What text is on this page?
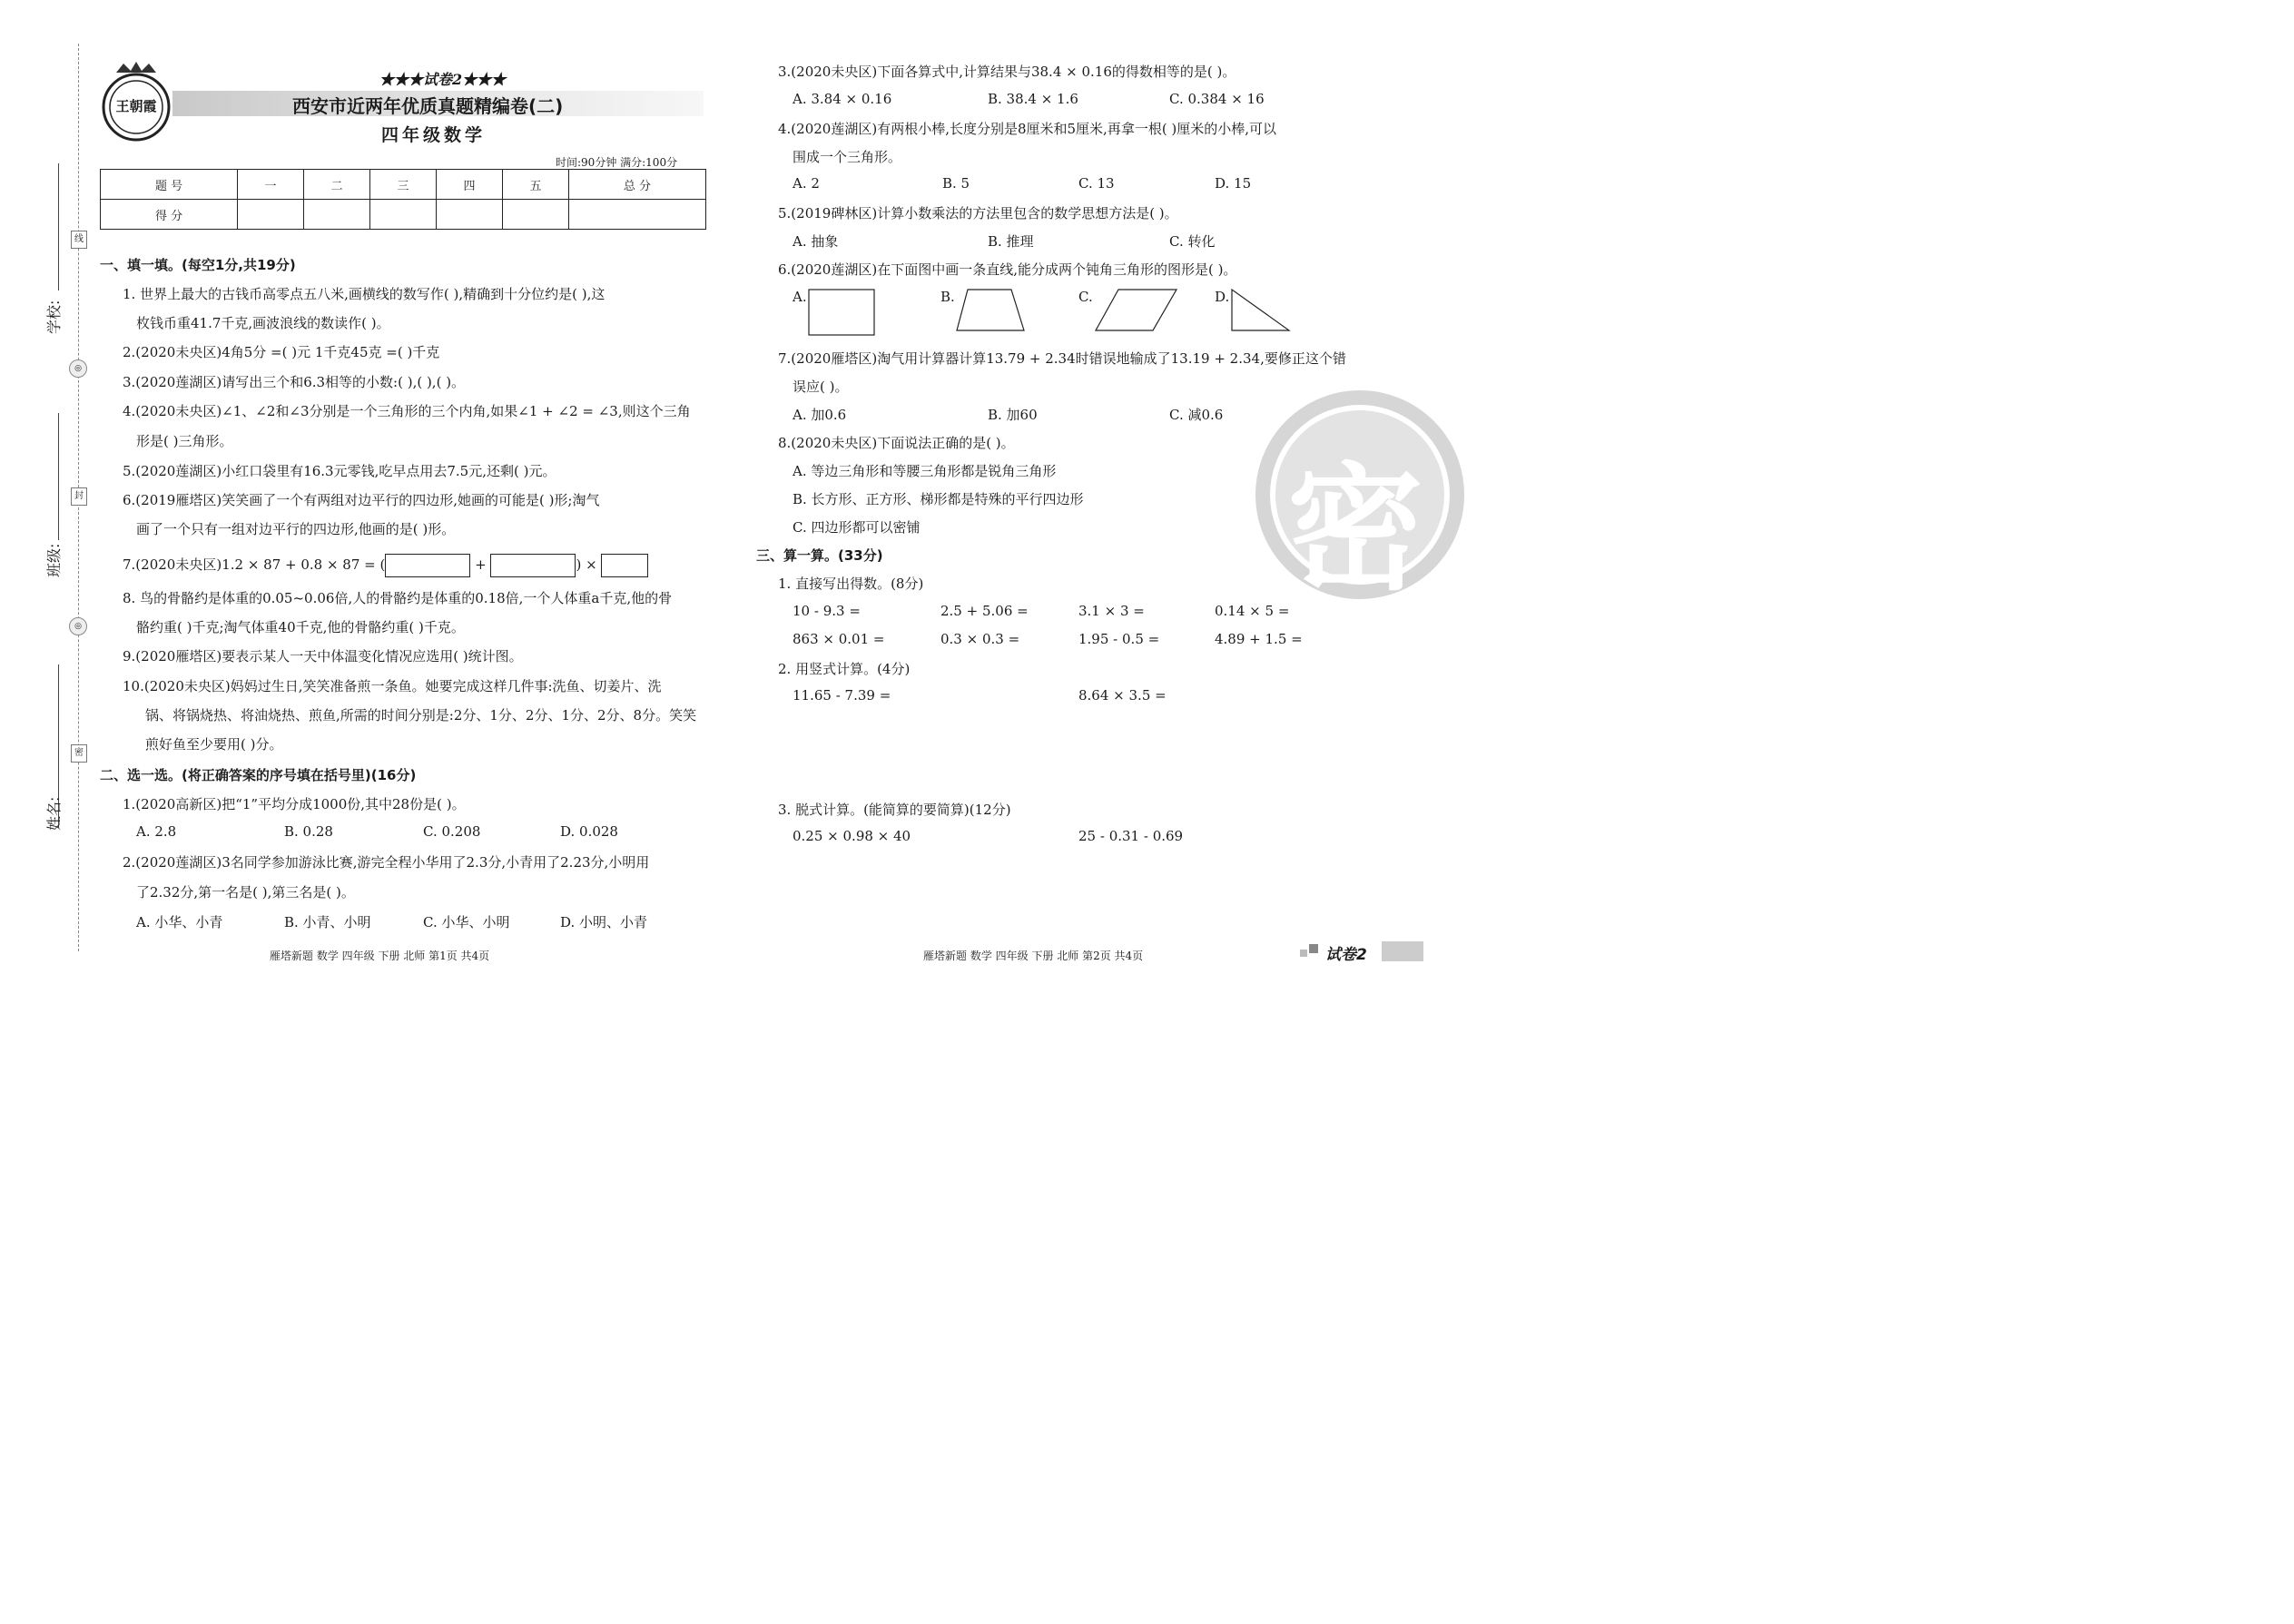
学校:
班级:
姓名:
线
封
密
◎
◎
王朝霞
★★★试卷2★★★
西安市近两年优质真题精编卷(二)
四年级数学
时间:90分钟 满分:100分
题 号	一	二	三	四	五	总 分
得 分						
一、填一填。(每空1分,共19分)
1. 世界上最大的古钱币高零点五八米,画横线的数写作( ),精确到十分位约是( ),这
枚钱币重41.7千克,画波浪线的数读作( )。
2.(2020未央区)4角5分 =( )元 1千克45克 =( )千克
3.(2020莲湖区)请写出三个和6.3相等的小数:( ),( ),( )。
4.(2020未央区)∠1、∠2和∠3分别是一个三角形的三个内角,如果∠1 + ∠2 = ∠3,则这个三角
形是( )三角形。
5.(2020莲湖区)小红口袋里有16.3元零钱,吃早点用去7.5元,还剩( )元。
6.(2019雁塔区)笑笑画了一个有两组对边平行的四边形,她画的可能是( )形;淘气
画了一个只有一组对边平行的四边形,他画的是( )形。
7.(2020未央区)1.2 × 87 + 0.8 × 87 = (	+	) ×
8. 鸟的骨骼约是体重的0.05~0.06倍,人的骨骼约是体重的0.18倍,一个人体重a千克,他的骨
骼约重( )千克;淘气体重40千克,他的骨骼约重( )千克。
9.(2020雁塔区)要表示某人一天中体温变化情况应选用( )统计图。
10.(2020未央区)妈妈过生日,笑笑准备煎一条鱼。她要完成这样几件事:洗鱼、切姜片、洗
锅、将锅烧热、将油烧热、煎鱼,所需的时间分别是:2分、1分、2分、1分、2分、8分。笑笑
煎好鱼至少要用( )分。
二、选一选。(将正确答案的序号填在括号里)(16分)
1.(2020高新区)把“1”平均分成1000份,其中28份是( )。
A. 2.8	B. 0.28	C. 0.208	D. 0.028
2.(2020莲湖区)3名同学参加游泳比赛,游完全程小华用了2.3分,小青用了2.23分,小明用
了2.32分,第一名是( ),第三名是( )。
A. 小华、小青	B. 小青、小明	C. 小华、小明	D. 小明、小青
雁塔新题 数学 四年级 下册 北师 第1页 共4页
3.(2020未央区)下面各算式中,计算结果与38.4 × 0.16的得数相等的是( )。
A. 3.84 × 0.16	B. 38.4 × 1.6	C. 0.384 × 16
4.(2020莲湖区)有两根小棒,长度分别是8厘米和5厘米,再拿一根( )厘米的小棒,可以
围成一个三角形。
A. 2	B. 5	C. 13	D. 15
5.(2019碑林区)计算小数乘法的方法里包含的数学思想方法是( )。
A. 抽象	B. 推理	C. 转化
6.(2020莲湖区)在下面图中画一条直线,能分成两个钝角三角形的图形是( )。
A.	B.	C.	D.
7.(2020雁塔区)淘气用计算器计算13.79 + 2.34时错误地输成了13.19 + 2.34,要修正这个错
误应( )。
A. 加0.6	B. 加60	C. 减0.6
8.(2020未央区)下面说法正确的是( )。
A. 等边三角形和等腰三角形都是锐角三角形
B. 长方形、正方形、梯形都是特殊的平行四边形
C. 四边形都可以密铺
三、算一算。(33分)
1. 直接写出得数。(8分)
10 - 9.3 =	2.5 + 5.06 =	3.1 × 3 =	0.14 × 5 =
863 × 0.01 =	0.3 × 0.3 =	1.95 - 0.5 =	4.89 + 1.5 =
2. 用竖式计算。(4分)
11.65 - 7.39 =	8.64 × 3.5 =
3. 脱式计算。(能简算的要简算)(12分)
0.25 × 0.98 × 40	25 - 0.31 - 0.69
密
雁塔新题 数学 四年级 下册 北师 第2页 共4页	试卷2
